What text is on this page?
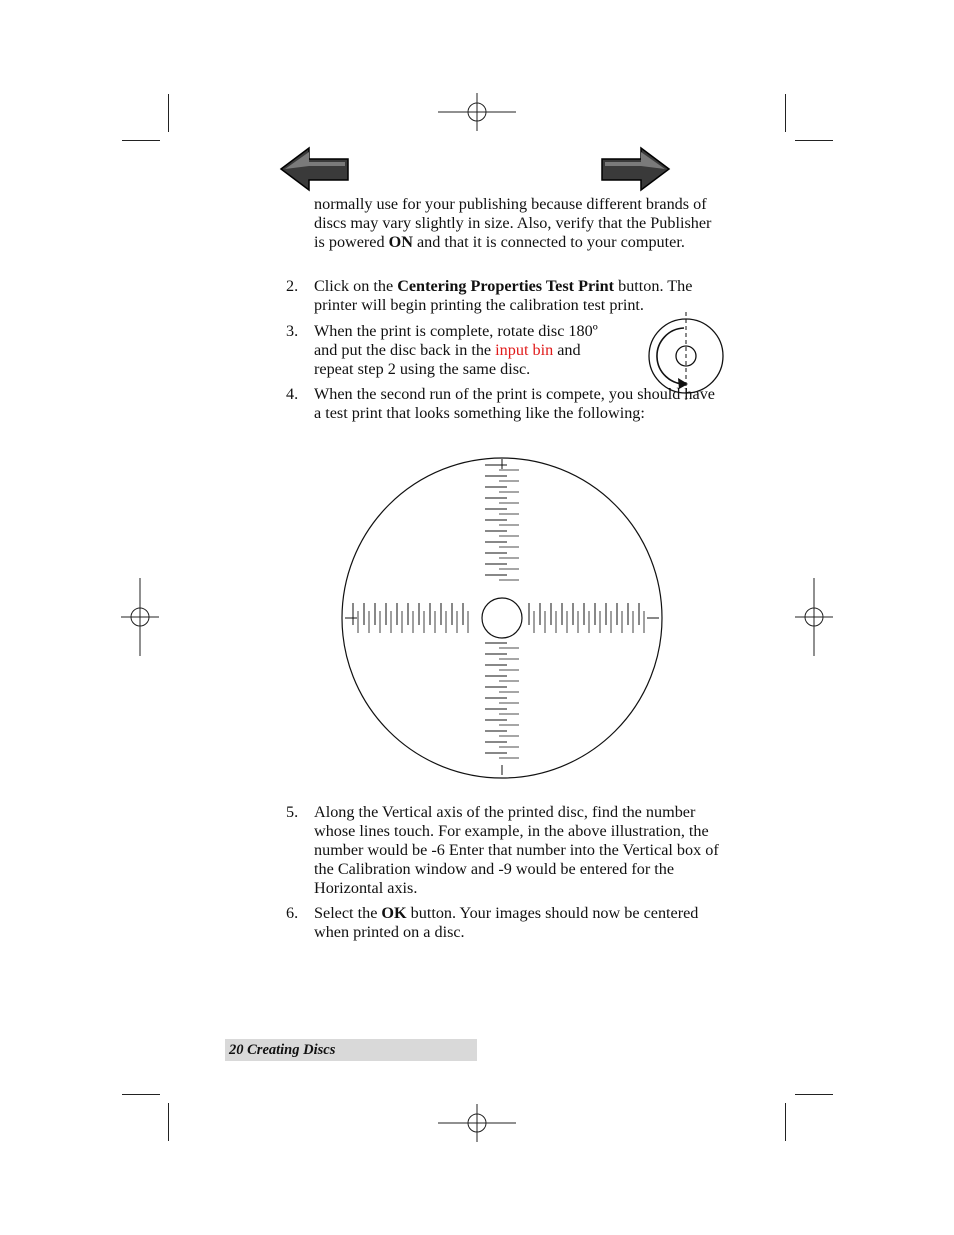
normally use for your publishing because different brands of discs may vary slightly in size. Also, verify that the Publisher is powered ON and that it is connected to your computer.
2. Click on the Centering Properties Test Print button. The printer will begin printing the calibration test print.
3. When the print is complete, rotate disc 180º and put the disc back in the input bin and repeat step 2 using the same disc.
4. When the second run of the print is compete, you should have a test print that looks something like the following:
5. Along the Vertical axis of the printed disc, find the number whose lines touch. For example, in the above illustration, the number would be -6 Enter that number into the Vertical box of the Calibration window and -9 would be entered for the Horizontal axis.
6. Select the OK button. Your images should now be centered when printed on a disc.
20 Creating Discs
